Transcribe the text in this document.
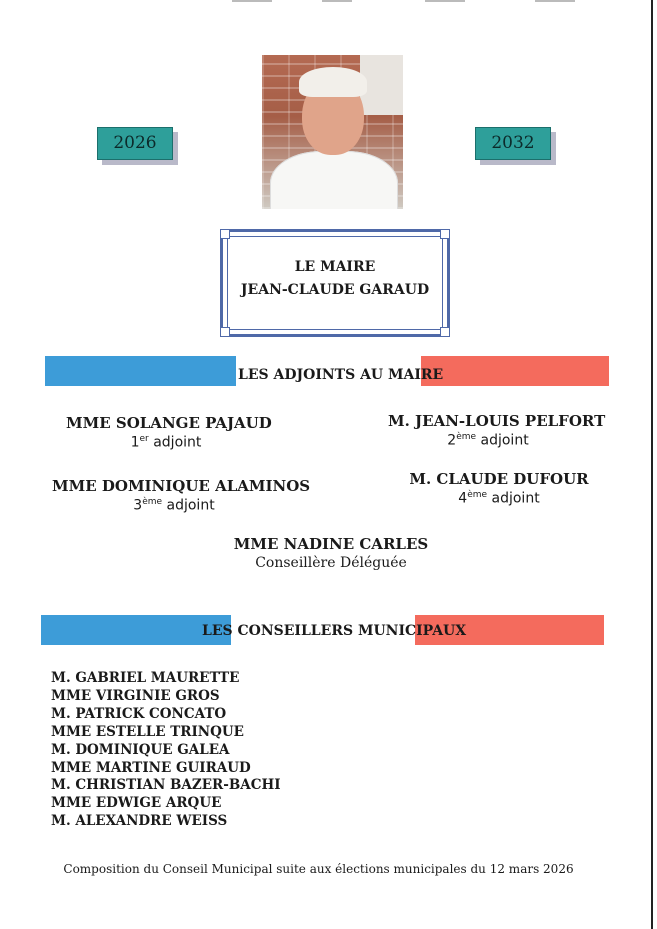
2026	2032
LE MAIRE
JEAN-CLAUDE GARAUD
LES ADJOINTS AU MAIRE
MME SOLANGE PAJAUD
1er adjoint
M. JEAN-LOUIS PELFORT
2ème adjoint
MME DOMINIQUE ALAMINOS
3ème adjoint
M. CLAUDE DUFOUR
4ème adjoint
MME NADINE CARLES
Conseillère Déléguée
LES CONSEILLERS MUNICIPAUX
M. GABRIEL MAURETTE
MME VIRGINIE GROS
M. PATRICK CONCATO
MME ESTELLE TRINQUE
M. DOMINIQUE GALEA
MME MARTINE GUIRAUD
M. CHRISTIAN BAZER-BACHI
MME EDWIGE ARQUE
M. ALEXANDRE WEISS
Composition du Conseil Municipal suite aux élections municipales du 12 mars 2026
